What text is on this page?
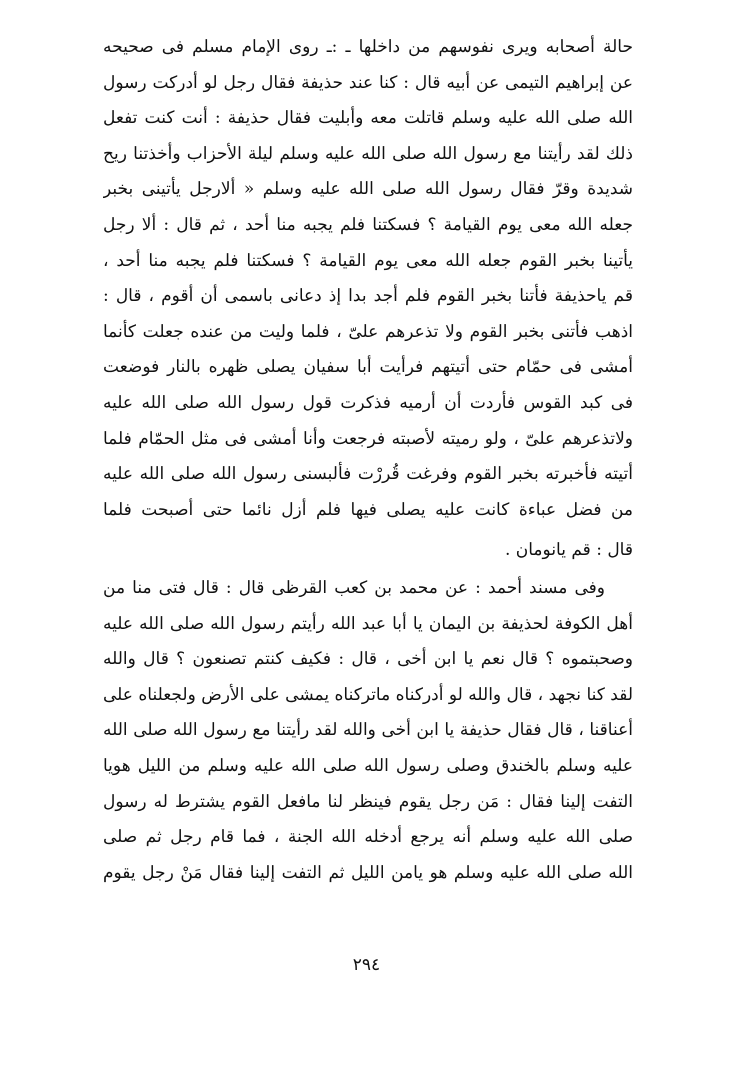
حالة أصحابه ويرى نفوسهم من داخلها ـ :ـ روى الإمام مسلم فى صحيحه
عن إبراهيم التيمى عن أبيه قال : كنا عند حذيفة فقال رجل لو أدركت رسول
الله صلى الله عليه وسلم قاتلت معه وأبليت فقال حذيفة : أنت كنت تفعل
ذلك لقد رأيتنا مع رسول الله صلى الله عليه وسلم ليلة الأحزاب وأخذتنا ريح
شديدة وقرّ فقال رسول الله صلى الله عليه وسلم « ألارجل يأتينى بخبر
جعله الله معى يوم القيامة ؟ فسكتنا فلم يجبه منا أحد ، ثم قال : ألا رجل
يأتينا بخبر القوم جعله الله معى يوم القيامة ؟ فسكتنا فلم يجبه منا أحد ،
قم ياحذيفة فأتنا بخبر القوم فلم أجد بدا إذ دعانى باسمى أن أقوم ، قال :
اذهب فأتنى بخبر القوم ولا تذعرهم علىّ ، فلما وليت من عنده جعلت كأنما
أمشى فى حمّام حتى أتيتهم فرأيت أبا سفيان يصلى ظهره بالنار فوضعت
فى كبد القوس فأردت أن أرميه فذكرت قول رسول الله صلى الله عليه
ولاتذعرهم علىّ ، ولو رميته لأصبته فرجعت وأنا أمشى فى مثل الحمّام فلما
أتيته فأخبرته بخبر القوم وفرغت قُررْت فألبسنى رسول الله صلى الله عليه
من فضل عباءة كانت عليه يصلى فيها فلم أزل نائما حتى أصبحت فلما
قال : قم يانومان .
وفى مسند أحمد : عن محمد بن كعب القرظى قال : قال فتى منا من
أهل الكوفة لحذيفة بن اليمان يا أبا عبد الله رأيتم رسول الله صلى الله عليه
وصحبتموه ؟ قال نعم يا ابن أخى ، قال : فكيف كنتم تصنعون ؟ قال والله
لقد كنا نجهد ، قال والله لو أدركناه ماتركناه يمشى على الأرض ولجعلناه على
أعناقنا ، قال فقال حذيفة يا ابن أخى والله لقد رأيتنا مع رسول الله صلى الله
عليه وسلم بالخندق وصلى رسول الله صلى الله عليه وسلم من الليل هويا
التفت إلينا فقال : مَن رجل يقوم فينظر لنا مافعل القوم يشترط له رسول
صلى الله عليه وسلم أنه يرجع أدخله الله الجنة ، فما قام رجل ثم صلى
الله صلى الله عليه وسلم هو يامن الليل ثم التفت إلينا فقال مَنْ رجل يقوم
٢٩٤
